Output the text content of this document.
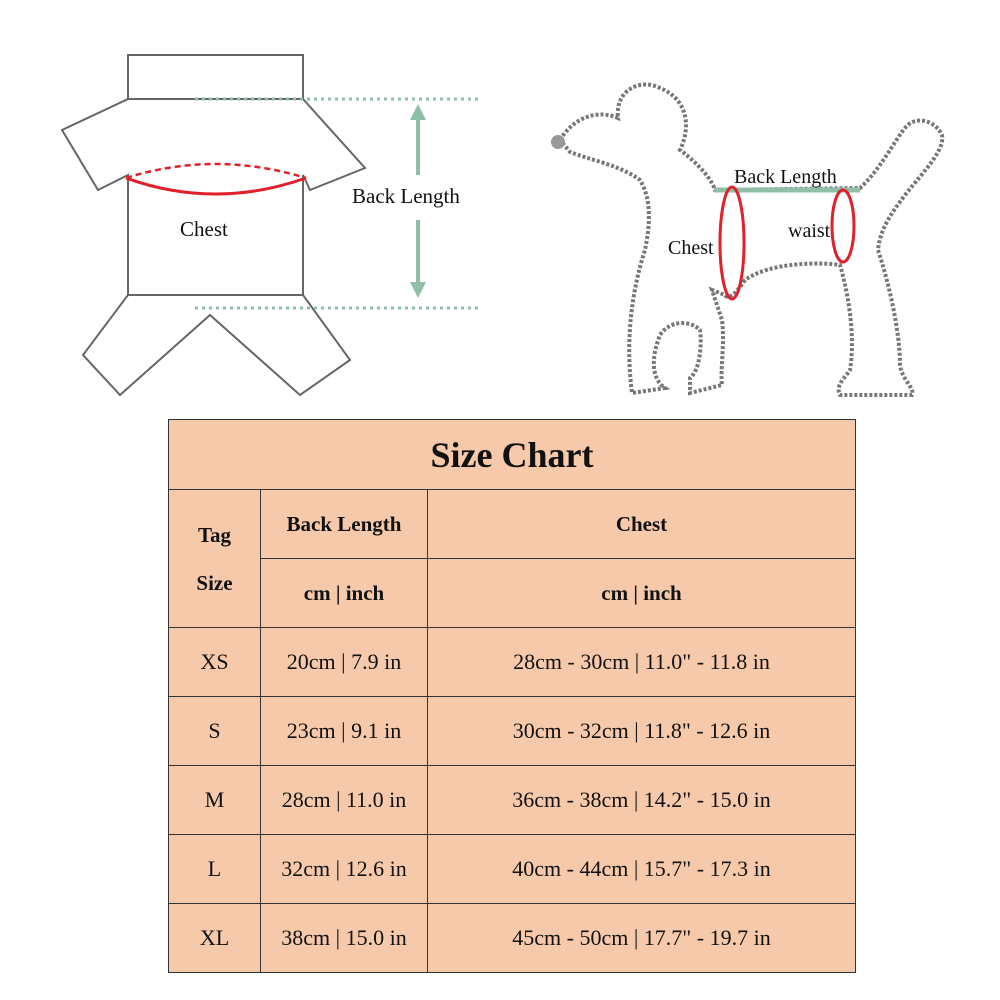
Chest
Back Length
Back Length
Chest
waist
Size Chart		

Tag
Size	Back Length	Chest
	cm | inch	cm | inch
XS	20cm | 7.9 in	28cm - 30cm | 11.0" - 11.8 in
S	23cm | 9.1 in	30cm - 32cm | 11.8" - 12.6 in
M	28cm | 11.0 in	36cm - 38cm | 14.2" - 15.0 in
L	32cm | 12.6 in	40cm - 44cm | 15.7" - 17.3 in
XL	38cm | 15.0 in	45cm - 50cm | 17.7" - 19.7 in
